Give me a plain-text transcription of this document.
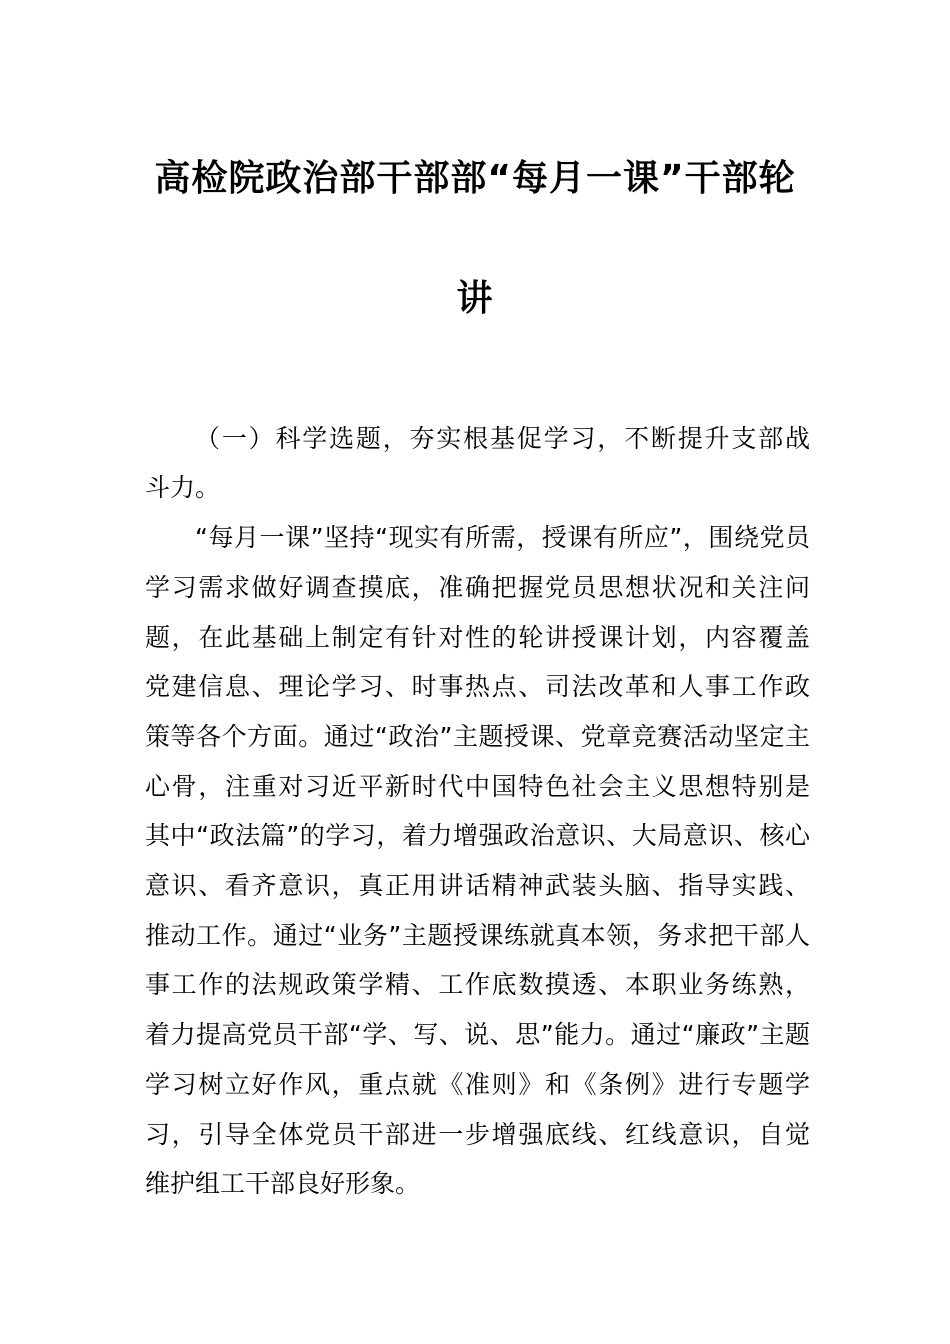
高检院政治部干部部“每月一课”干部轮
讲
（一）科学选题，夯实根基促学习，不断提升支部战
斗力。
“每月一课”坚持“现实有所需，授课有所应”，围绕党员
学习需求做好调查摸底，准确把握党员思想状况和关注问
题，在此基础上制定有针对性的轮讲授课计划，内容覆盖
党建信息、理论学习、时事热点、司法改革和人事工作政
策等各个方面。通过“政治”主题授课、党章竞赛活动坚定主
心骨，注重对习近平新时代中国特色社会主义思想特别是
其中“政法篇”的学习，着力增强政治意识、大局意识、核心
意识、看齐意识，真正用讲话精神武装头脑、指导实践、
推动工作。通过“业务”主题授课练就真本领，务求把干部人
事工作的法规政策学精、工作底数摸透、本职业务练熟，
着力提高党员干部“学、写、说、思”能力。通过“廉政”主题
学习树立好作风，重点就《准则》和《条例》进行专题学
习，引导全体党员干部进一步增强底线、红线意识，自觉
维护组工干部良好形象。
